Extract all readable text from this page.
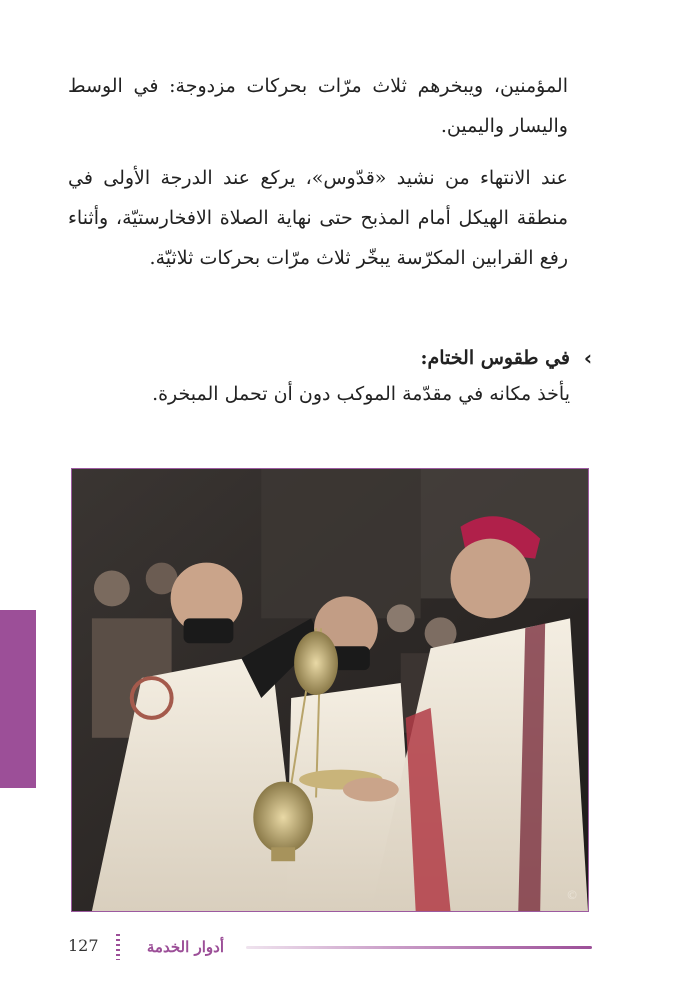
المؤمنين، ويبخرهم ثلاث مرّات بحركات مزدوجة: في الوسط واليسار واليمين.
عند الانتهاء من نشيد «قدّوس»، يركع عند الدرجة الأولى في منطقة الهيكل أمام المذبح حتى نهاية الصلاة الافخارستيّة، وأثناء رفع القرابين المكرّسة يبخّر ثلاث مرّات بحركات ثلاثيّة.
›
في طقوس الختام:
يأخذ مكانه في مقدّمة الموكب دون أن تحمل المبخرة.
©
أدوار الخدمة
127
